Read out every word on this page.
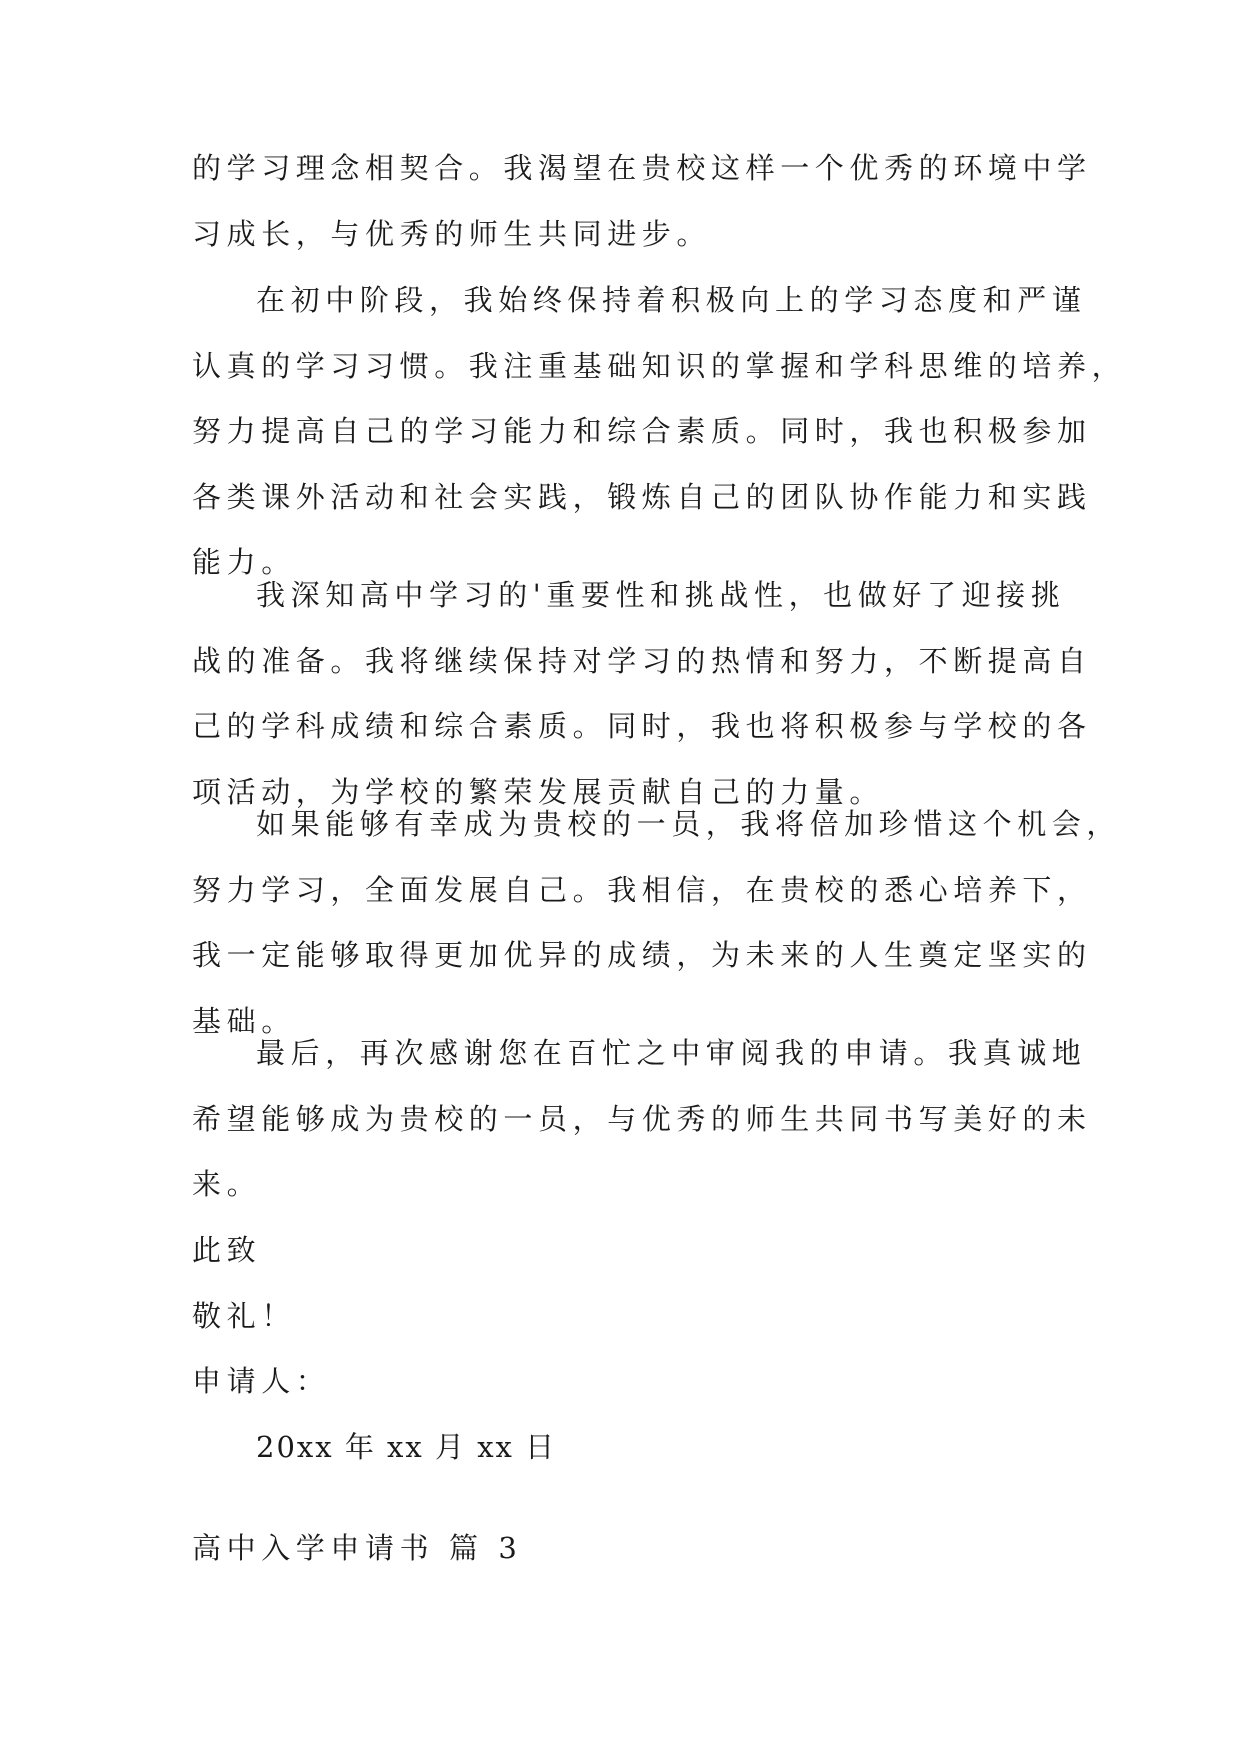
的学习理念相契合。我渴望在贵校这样一个优秀的环境中学
习成长，与优秀的师生共同进步。
在初中阶段，我始终保持着积极向上的学习态度和严谨
认真的学习习惯。我注重基础知识的掌握和学科思维的培养，
努力提高自己的学习能力和综合素质。同时，我也积极参加
各类课外活动和社会实践，锻炼自己的团队协作能力和实践
能力。
我深知高中学习的'重要性和挑战性，也做好了迎接挑
战的准备。我将继续保持对学习的热情和努力，不断提高自
己的学科成绩和综合素质。同时，我也将积极参与学校的各
项活动，为学校的繁荣发展贡献自己的力量。
如果能够有幸成为贵校的一员，我将倍加珍惜这个机会，
努力学习，全面发展自己。我相信，在贵校的悉心培养下，
我一定能够取得更加优异的成绩，为未来的人生奠定坚实的
基础。
最后，再次感谢您在百忙之中审阅我的申请。我真诚地
希望能够成为贵校的一员，与优秀的师生共同书写美好的未
来。
此致
敬礼！
申请人：
20xx 年 xx 月 xx 日
高中入学申请书 篇 3
